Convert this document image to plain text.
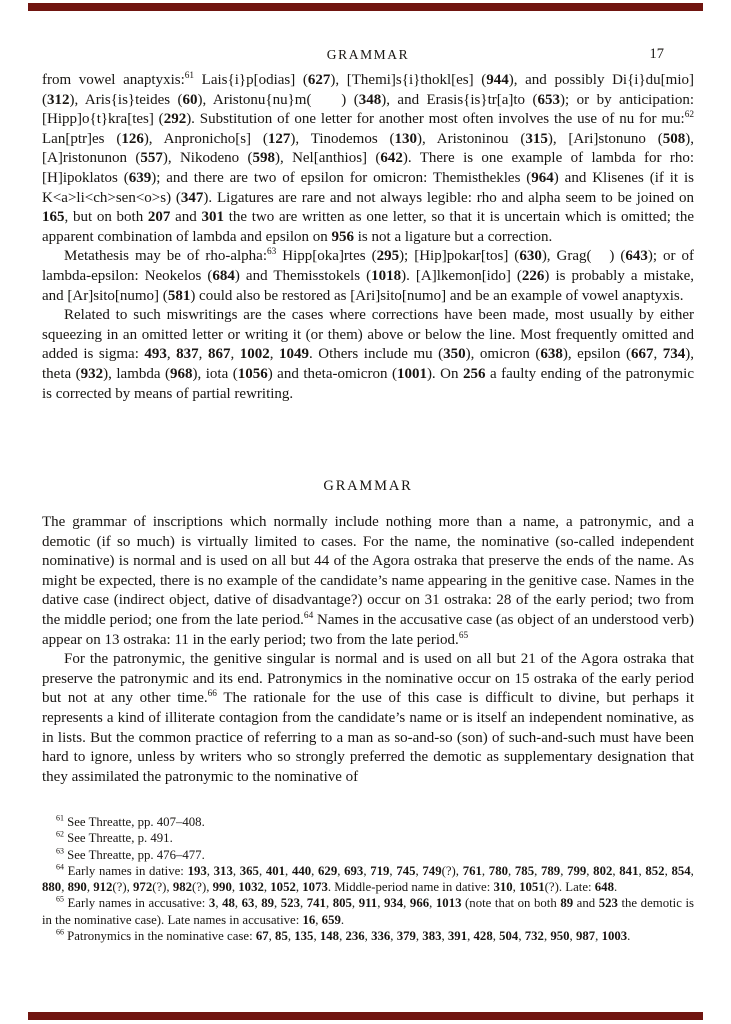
GRAMMAR	17

from vowel anaptyxis:$^{61}$ Lais{i}p[odias] (627), [Themi]s{i}thokl[es] (944), and possibly Di{i}du[mio] (312), Aris{is}teides (60), Aristonu{nu}m(    ) (348), and Erasis{is}tr[a]to (653); or by anticipation: [Hipp]o{t}kra[tes] (292). Substitution of one letter for another most often involves the use of nu for mu:$^{62}$ Lan[ptr]es (126), Anpronicho[s] (127), Tinodemos (130), Aristoninou (315), [Ari]stonuno (508), [A]ristonunon (557), Nikodeno (598), Nel[anthios] (642). There is one example of lambda for rho: [H]ipoklatos (639); and there are two of epsilon for omicron: Themisthekles (964) and Klisenes (if it is K<a>li<ch>sen<o>s) (347). Ligatures are rare and not always legible: rho and alpha seem to be joined on 165, but on both 207 and 301 the two are written as one letter, so that it is uncertain which is omitted; the apparent combination of lambda and epsilon on 956 is not a ligature but a correction.

Metathesis may be of rho-alpha:$^{63}$ Hipp[oka]rtes (295); [Hip]pokar[tos] (630), Grag(   ) (643); or of lambda-epsilon: Neokelos (684) and Themisstokels (1018). [A]lkemon[ido] (226) is probably a mistake, and [Ar]sito[numo] (581) could also be restored as [Ari]sito[numo] and be an example of vowel anaptyxis.

Related to such miswritings are the cases where corrections have been made, most usually by either squeezing in an omitted letter or writing it (or them) above or below the line. Most frequently omitted and added is sigma: 493, 837, 867, 1002, 1049. Others include mu (350), omicron (638), epsilon (667, 734), theta (932), lambda (968), iota (1056) and theta-omicron (1001). On 256 a faulty ending of the patronymic is corrected by means of partial rewriting.

GRAMMAR

The grammar of inscriptions which normally include nothing more than a name, a patronymic, and a demotic (if so much) is virtually limited to cases. For the name, the nominative (so-called independent nominative) is normal and is used on all but 44 of the Agora ostraka that preserve the ends of the name. As might be expected, there is no example of the candidate’s name appearing in the genitive case. Names in the dative case (indirect object, dative of disadvantage?) occur on 31 ostraka: 28 of the early period; two from the middle period; one from the late period.$^{64}$ Names in the accusative case (as object of an understood verb) appear on 13 ostraka: 11 in the early period; two from the late period.$^{65}$

For the patronymic, the genitive singular is normal and is used on all but 21 of the Agora ostraka that preserve the patronymic and its end. Patronymics in the nominative occur on 15 ostraka of the early period but not at any other time.$^{66}$ The rationale for the use of this case is difficult to divine, but perhaps it represents a kind of illiterate contagion from the candidate’s name or is itself an independent nominative, as in lists. But the common practice of referring to a man as so-and-so (son) of such-and-such must have been hard to ignore, unless by writers who so strongly preferred the demotic as supplementary designation that they assimilated the patronymic to the nominative of

$^{61}$ See Threatte, pp. 407–408.

$^{62}$ See Threatte, p. 491.

$^{63}$ See Threatte, pp. 476–477.

$^{64}$ Early names in dative: 193, 313, 365, 401, 440, 629, 693, 719, 745, 749(?), 761, 780, 785, 789, 799, 802, 841, 852, 854, 880, 890, 912(?), 972(?), 982(?), 990, 1032, 1052, 1073. Middle-period name in dative: 310, 1051(?). Late: 648.

$^{65}$ Early names in accusative: 3, 48, 63, 89, 523, 741, 805, 911, 934, 966, 1013 (note that on both 89 and 523 the demotic is in the nominative case). Late names in accusative: 16, 659.

$^{66}$ Patronymics in the nominative case: 67, 85, 135, 148, 236, 336, 379, 383, 391, 428, 504, 732, 950, 987, 1003.
